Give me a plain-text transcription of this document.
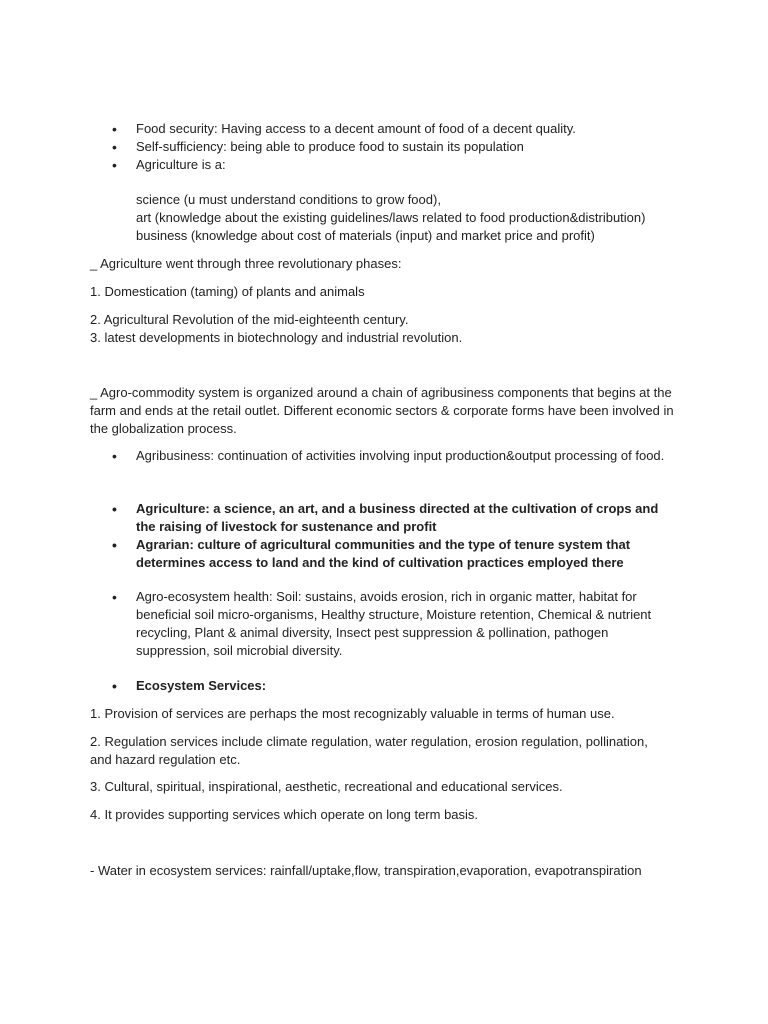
• Food security: Having access to a decent amount of food of a decent quality.
• Self-sufficiency: being able to produce food to sustain its population
• Agriculture is a:
science (u must understand conditions to grow food),
art (knowledge about the existing guidelines/laws related to food production&distribution)
business (knowledge about cost of materials (input) and market price and profit)

_ Agriculture went through three revolutionary phases:

1. Domestication (taming) of plants and animals

2. Agricultural Revolution of the mid-eighteenth century.

3. latest developments in biotechnology and industrial revolution.

_ Agro-commodity system is organized around a chain of agribusiness components that begins at the farm and ends at the retail outlet. Different economic sectors & corporate forms have been involved in the globalization process.

• Agribusiness: continuation of activities involving input production&output processing of food.
• Agriculture: a science, an art, and a business directed at the cultivation of crops and the raising of livestock for sustenance and profit
• Agrarian: culture of agricultural communities and the type of tenure system that determines access to land and the kind of cultivation practices employed there
• Agro-ecosystem health: Soil: sustains, avoids erosion, rich in organic matter, habitat for beneficial soil micro-organisms, Healthy structure, Moisture retention, Chemical & nutrient recycling, Plant & animal diversity, Insect pest suppression & pollination, pathogen suppression, soil microbial diversity.
• Ecosystem Services:

1. Provision of services are perhaps the most recognizably valuable in terms of human use.

2. Regulation services include climate regulation, water regulation, erosion regulation, pollination, and hazard regulation etc.

3. Cultural, spiritual, inspirational, aesthetic, recreational and educational services.

4. It provides supporting services which operate on long term basis.

- Water in ecosystem services: rainfall/uptake,flow, transpiration,evaporation, evapotranspiration
